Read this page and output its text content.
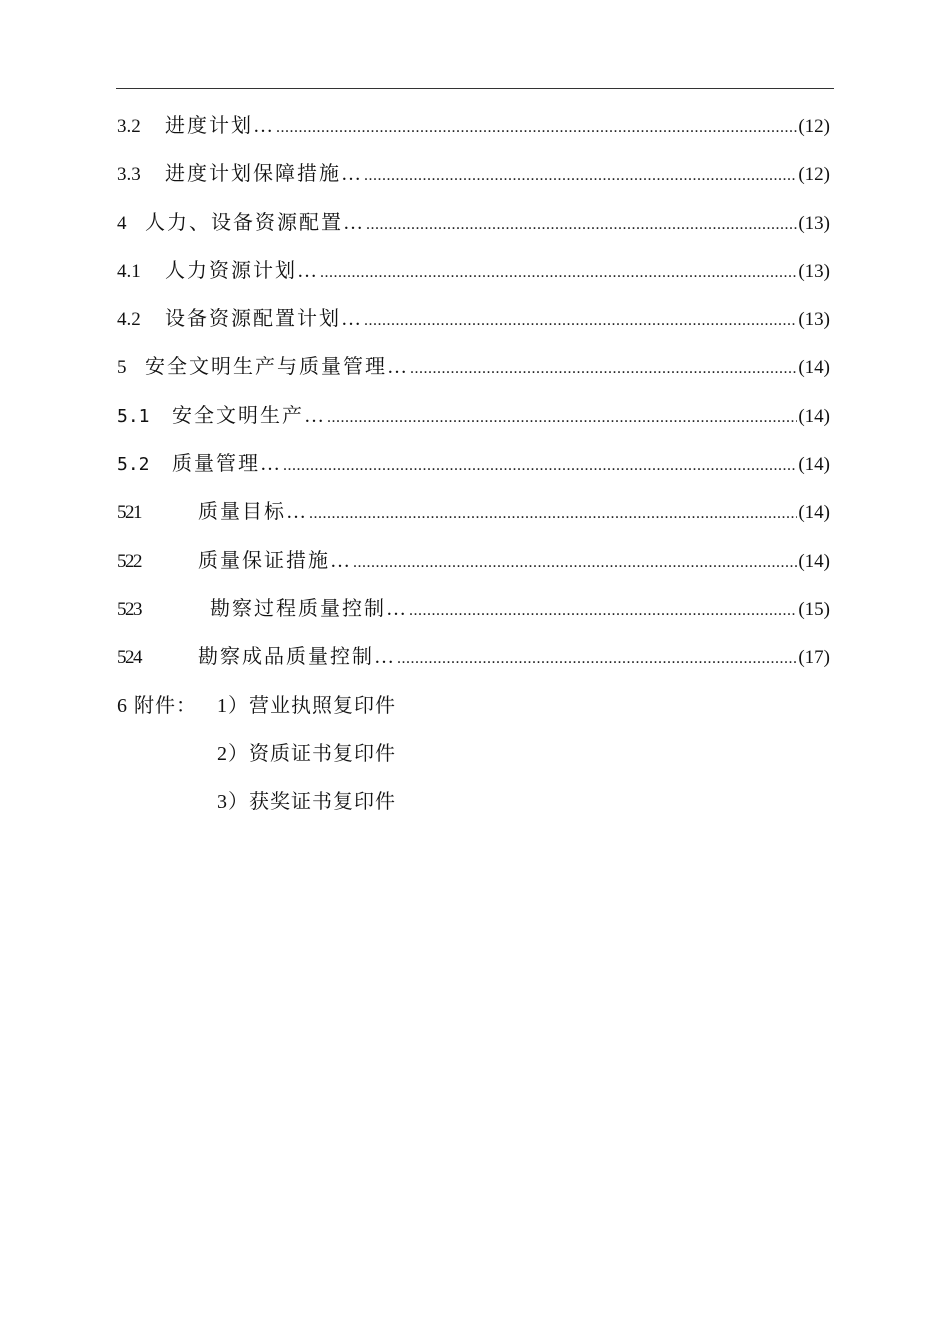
3.2	进度计划… .....	(12)
3.3	进度计划保障措施… .....	(12)
4 人力、设备资源配置… .....	(13)
4.1	人力资源计划… .....	(13)
4.2	设备资源配置计划… .....	(13)
5 安全文明生产与质量管理… .....	(14)
5.1	安全文明生产… .....	(14)
5.2	质量管理… .....	(14)
521	质量目标… .....	(14)
522	质量保证措施… .....	(14)
523	勘察过程质量控制… .....	(15)
524	勘察成品质量控制… .....	(17)
6 附件： 1）营业执照复印件
2）资质证书复印件
3）获奖证书复印件
